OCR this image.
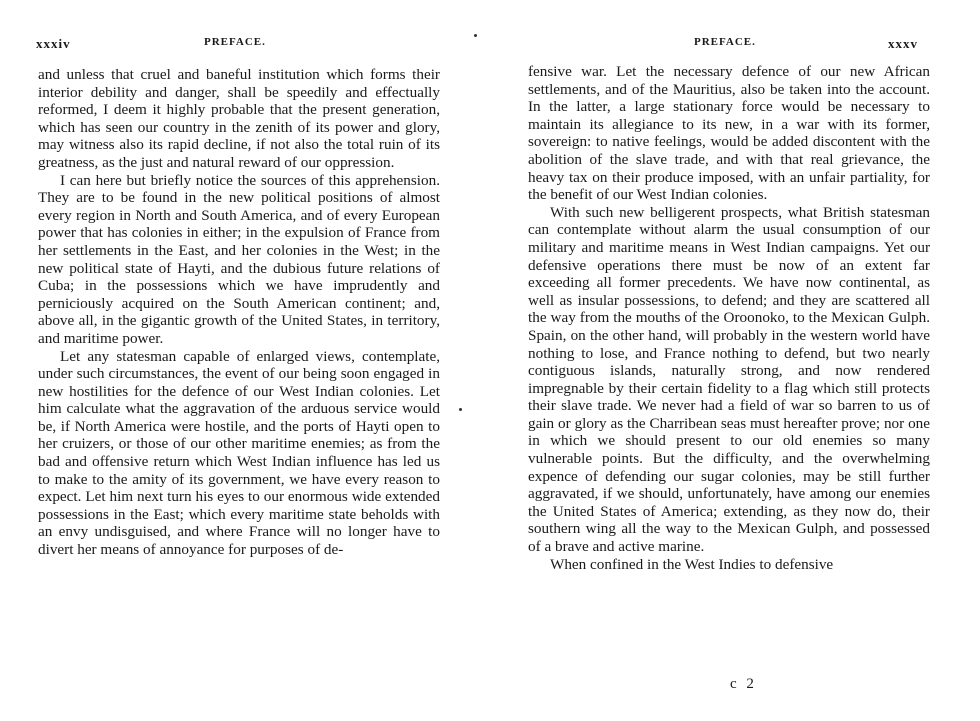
xxxiv	PREFACE.

and unless that cruel and baneful institution which forms their interior debility and danger, shall be speedily and effectually reformed, I deem it highly probable that the present generation, which has seen our country in the zenith of its power and glory, may witness also its rapid decline, if not also the total ruin of its greatness, as the just and natural reward of our oppression.

I can here but briefly notice the sources of this apprehension. They are to be found in the new political positions of almost every region in North and South America, and of every European power that has colonies in either; in the expulsion of France from her settlements in the East, and her colonies in the West; in the new political state of Hayti, and the dubious future relations of Cuba; in the possessions which we have imprudently and perniciously acquired on the South American continent; and, above all, in the gigantic growth of the United States, in territory, and maritime power.

Let any statesman capable of enlarged views, contemplate, under such circumstances, the event of our being soon engaged in new hostilities for the defence of our West Indian colonies. Let him calculate what the aggravation of the arduous service would be, if North America were hostile, and the ports of Hayti open to her cruizers, or those of our other maritime enemies; as from the bad and offensive return which West Indian influence has led us to make to the amity of its government, we have every reason to expect. Let him next turn his eyes to our enormous wide extended possessions in the East; which every maritime state beholds with an envy undisguised, and where France will no longer have to divert her means of annoyance for purposes of de-

PREFACE.	xxxv

fensive war. Let the necessary defence of our new African settlements, and of the Mauritius, also be taken into the account. In the latter, a large stationary force would be necessary to maintain its allegiance to its new, in a war with its former, sovereign: to native feelings, would be added discontent with the abolition of the slave trade, and with that real grievance, the heavy tax on their produce imposed, with an unfair partiality, for the benefit of our West Indian colonies.

With such new belligerent prospects, what British statesman can contemplate without alarm the usual consumption of our military and maritime means in West Indian campaigns. Yet our defensive operations there must be now of an extent far exceeding all former precedents. We have now continental, as well as insular possessions, to defend; and they are scattered all the way from the mouths of the Oroonoko, to the Mexican Gulph. Spain, on the other hand, will probably in the western world have nothing to lose, and France nothing to defend, but two nearly contiguous islands, naturally strong, and now rendered impregnable by their certain fidelity to a flag which still protects their slave trade. We never had a field of war so barren to us of gain or glory as the Charribean seas must hereafter prove; nor one in which we should present to our old enemies so many vulnerable points. But the difficulty, and the overwhelming expence of defending our sugar colonies, may be still further aggravated, if we should, unfortunately, have among our enemies the United States of America; extending, as they now do, their southern wing all the way to the Mexican Gulph, and possessed of a brave and active marine.

When confined in the West Indies to defensive

c 2
